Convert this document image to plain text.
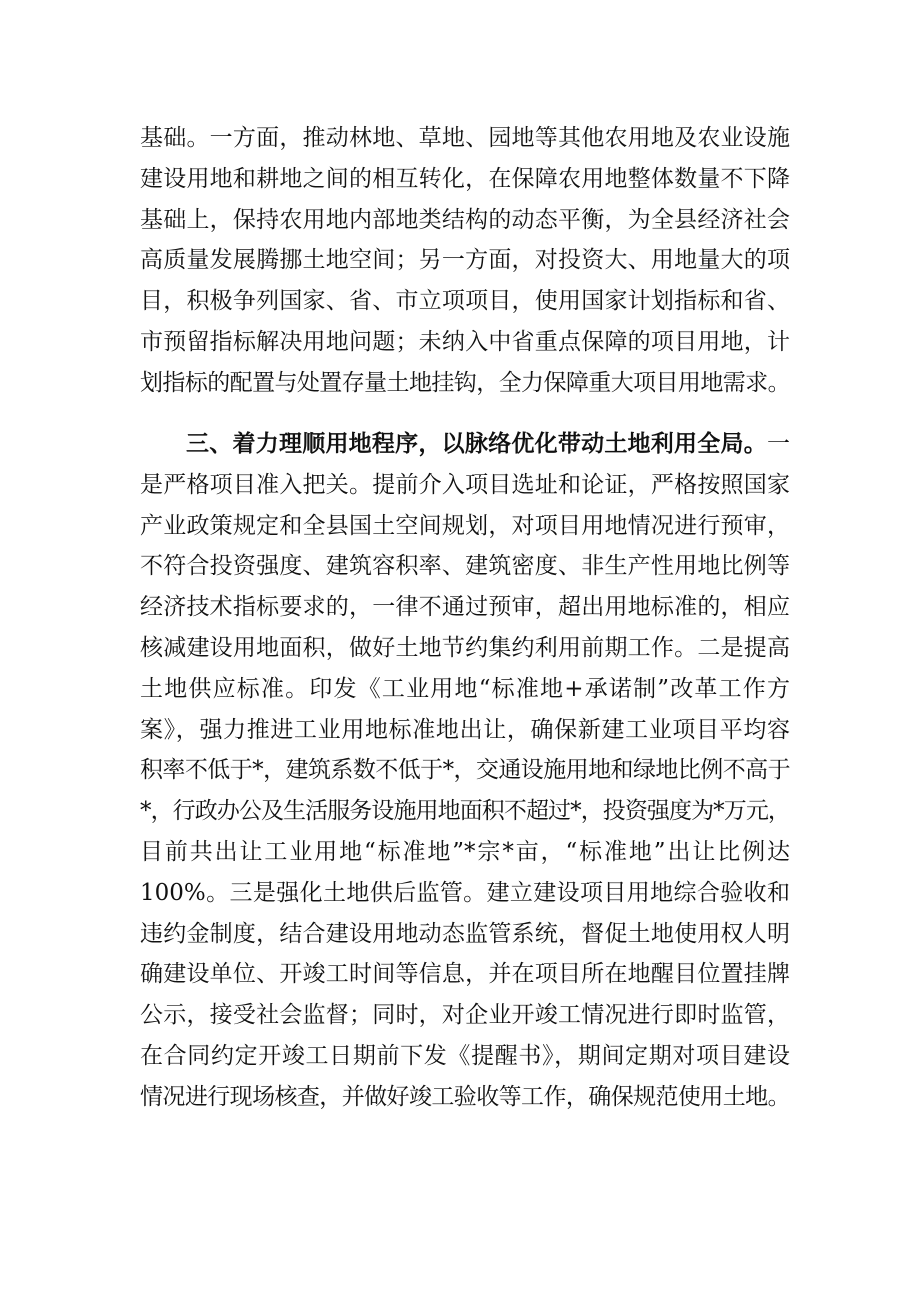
基础。一方面，推动林地、草地、园地等其他农用地及农业设施
建设用地和耕地之间的相互转化，在保障农用地整体数量不下降
基础上，保持农用地内部地类结构的动态平衡，为全县经济社会
高质量发展腾挪土地空间；另一方面，对投资大、用地量大的项
目，积极争列国家、省、市立项项目，使用国家计划指标和省、
市预留指标解决用地问题；未纳入中省重点保障的项目用地，计
划指标的配置与处置存量土地挂钩，全力保障重大项目用地需求。
三、着力理顺用地程序，以脉络优化带动土地利用全局。一
是严格项目准入把关。提前介入项目选址和论证，严格按照国家
产业政策规定和全县国土空间规划，对项目用地情况进行预审，
不符合投资强度、建筑容积率、建筑密度、非生产性用地比例等
经济技术指标要求的，一律不通过预审，超出用地标准的，相应
核减建设用地面积，做好土地节约集约利用前期工作。二是提高
土地供应标准。印发《工业用地“标准地+承诺制”改革工作方
案》，强力推进工业用地标准地出让，确保新建工业项目平均容
积率不低于*，建筑系数不低于*，交通设施用地和绿地比例不高于
*，行政办公及生活服务设施用地面积不超过*，投资强度为*万元，
目前共出让工业用地“标准地”*宗*亩，“标准地”出让比例达
100%。三是强化土地供后监管。建立建设项目用地综合验收和
违约金制度，结合建设用地动态监管系统，督促土地使用权人明
确建设单位、开竣工时间等信息，并在项目所在地醒目位置挂牌
公示，接受社会监督；同时，对企业开竣工情况进行即时监管，
在合同约定开竣工日期前下发《提醒书》，期间定期对项目建设
情况进行现场核查，并做好竣工验收等工作，确保规范使用土地。
